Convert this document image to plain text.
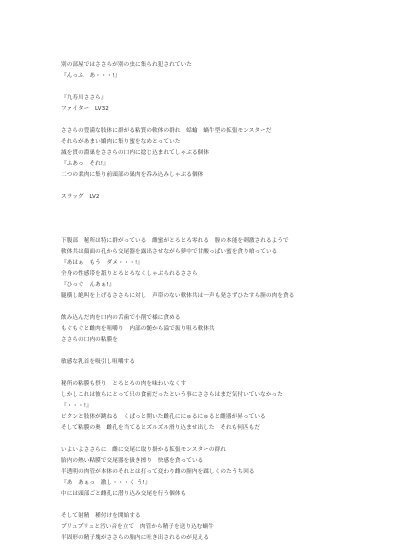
別の部屋ではささらが別の虫に集られ犯されていた
『んっふ　あ・・・!』
『九寿川ささら』
ファイター　LV32
ささらの豊満な肢体に群がる粘質の軟体の群れ　蛞蝓　蝸牛型の拡張モンスターだ
それらがあまい嬌肉に集り蜜をなめとっていた
滅を貫の淵巣をささらの口内に捻じ込まれてしゃぶる個体
『ふあっ　それ!』
二つの柔肉に集り前頭部の巣肉を呑み込みしゃぶる個体
スラッグ　LV2
下腹部　秘所は特に群がっている　雌蜜がとろとろ零れる　膣の本能を刺激されるようで
軟体共は顔面の孔から交尾器を露出させながら夢中で甘酸っぱい蜜を貪り喰っている
『あはぁ　もう　ダメ・・・!』
全身の性感帯を舐りとろとろなくしゃぶられるささら
『ひっぐ　んあぁ!』
腿横し絶叫を上げるささらに対し　声帯のない軟体共は一声も発さずひたすら膣の肉を貪る
飲み込んだ肉を口内の舌歯で小削で様に貪める
もぐもぐと雌肉を咀嚼り　内部の髄から溢で振り咀ろ軟体共
ささらの口内の粘膜を
敏感な乳首を吸引し咀嚼する
秘所の粘膜も摂り　とろとろの肉を味わいなくす
しかしこれは彼らにとって只の食前だったという事にささらはまだ気付いていなかった
『・・・!』
ビクンと肢体が跳ねる　くぱっと開いた雌孔ににゅるにゅると雌器が昇っている
そして粘膜の奥　雌孔を当てるとズルズル滑り込ませ出した　それも何匹もだ
いよいよささらに　雌に交尾に取り掛かる拡張モンスターの群れ
胎内の熱い粘膜で交尾器を扱き擦り　快感を貪っている
半透明の肉管が本体のそれとは打って変わり雌の膣内を蹂しくのたうち回る
『あ　あぁっ　激し・・・く う!』
中には頭部ごと雌孔に潜り込み交尾を行う個体も
そして射精　種付けを開始する
プリュプリュと汚い音を立て　肉管から精子を送り込む蝸牛
半固形の精子塊がささらの胎内に吐き出されるのが見える
